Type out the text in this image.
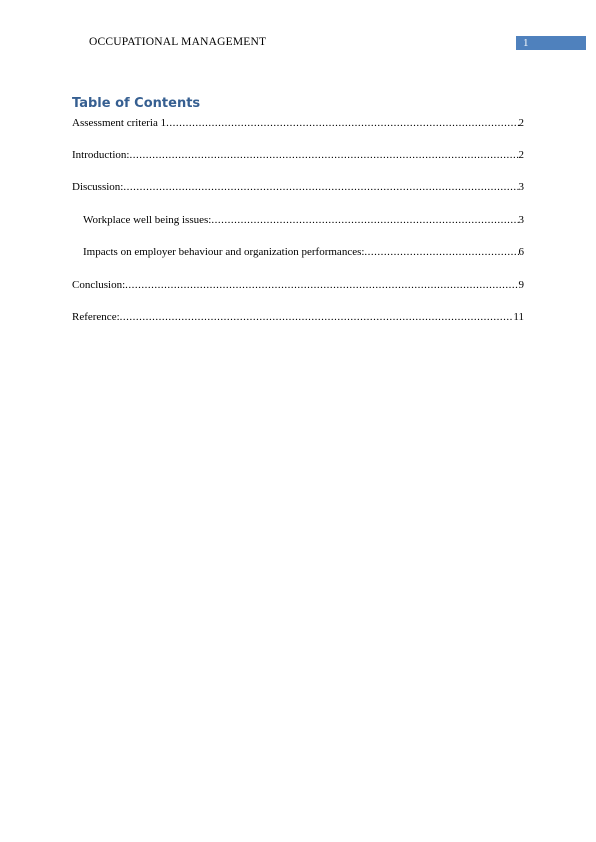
OCCUPATIONAL MANAGEMENT	1
Table of Contents
Assessment criteria 1 .....	2
Introduction: .....	2
Discussion: .....	3
Workplace well being issues: .....	3
Impacts on employer behaviour and organization performances: .....	6
Conclusion: .....	9
Reference: .....	11
